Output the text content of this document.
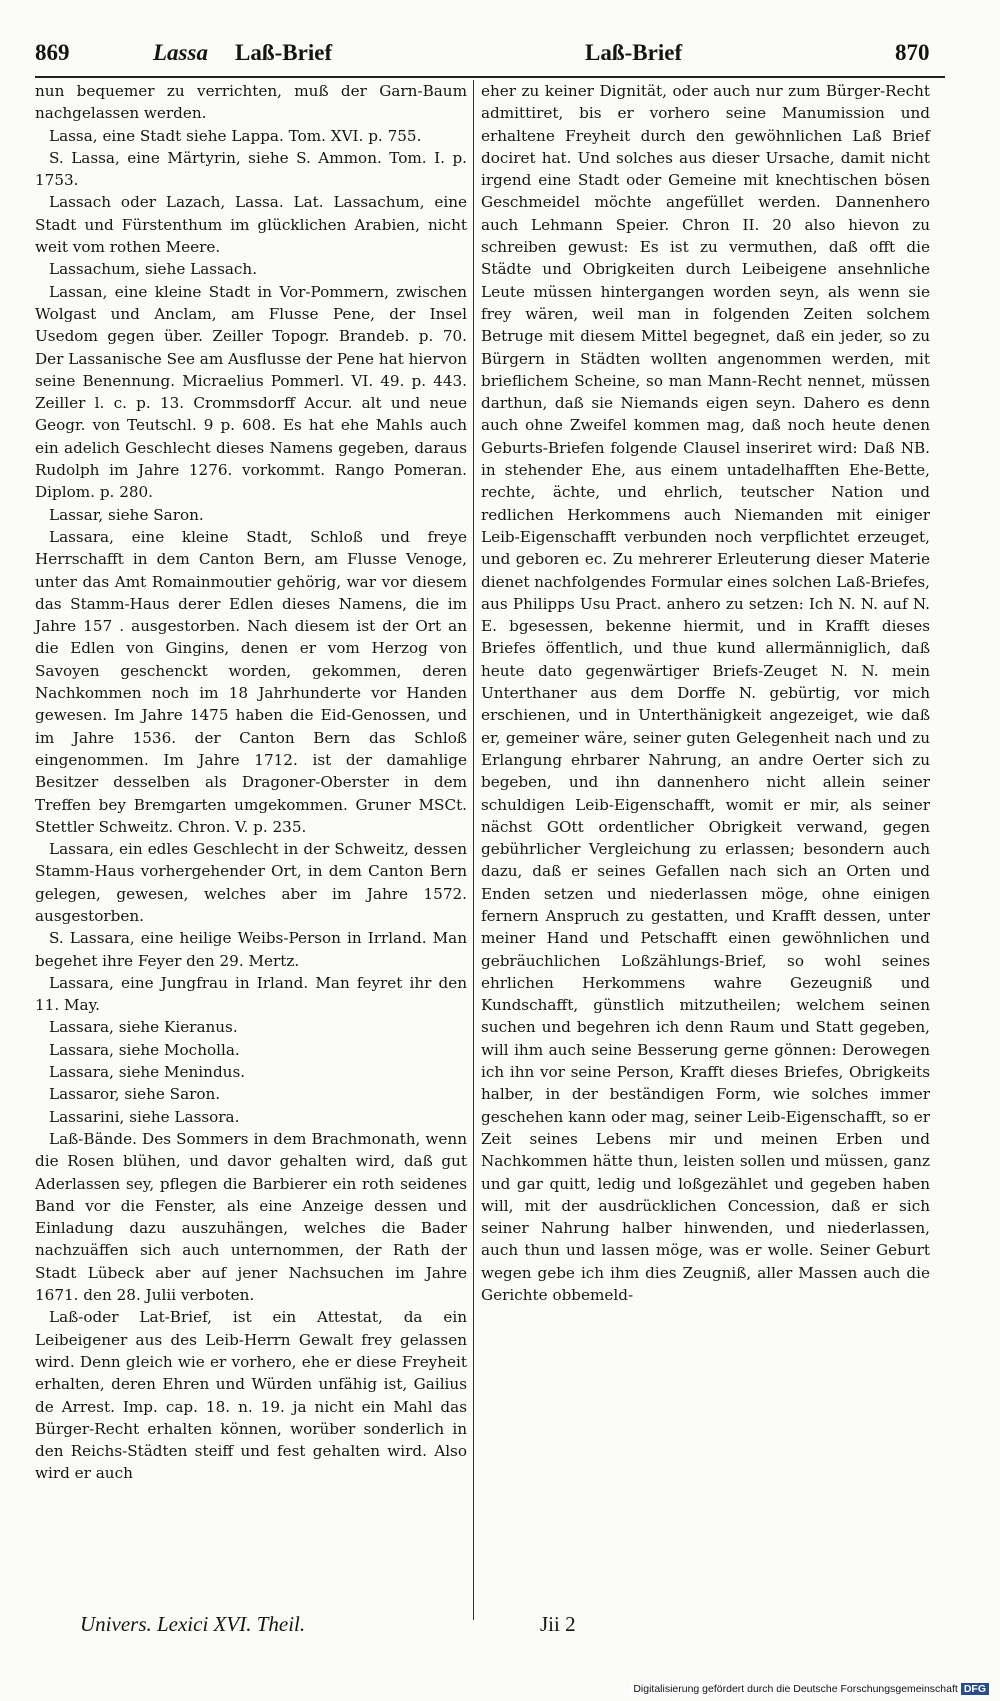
869	Lassa Laß-Brief	Laß-Brief	870

nun bequemer zu verrichten, muß der Garn-Baum nachgelassen werden.

Lassa, eine Stadt siehe Lappa. Tom. XVI. p. 755.

S. Lassa, eine Märtyrin, siehe S. Ammon. Tom. I. p. 1753.

Lassach oder Lazach, Lassa. Lat. Lassachum, eine Stadt und Fürstenthum im glücklichen Arabien, nicht weit vom rothen Meere.

Lassachum, siehe Lassach.

Lassan, eine kleine Stadt in Vor-Pommern, zwischen Wolgast und Anclam, am Flusse Pene, der Insel Usedom gegen über. Zeiller Topogr. Brandeb. p. 70. Der Lassanische See am Ausflusse der Pene hat hiervon seine Benennung. Micraelius Pommerl. VI. 49. p. 443. Zeiller l. c. p. 13. Crommsdorff Accur. alt und neue Geogr. von Teutschl. 9 p. 608. Es hat ehe Mahls auch ein adelich Geschlecht dieses Namens gegeben, daraus Rudolph im Jahre 1276. vorkommt. Rango Pomeran. Diplom. p. 280.

Lassar, siehe Saron.

Lassara, eine kleine Stadt, Schloß und freye Herrschafft in dem Canton Bern, am Flusse Venoge, unter das Amt Romainmoutier gehörig, war vor diesem das Stamm-Haus derer Edlen dieses Namens, die im Jahre 157 . ausgestorben. Nach diesem ist der Ort an die Edlen von Gingins, denen er vom Herzog von Savoyen geschenckt worden, gekommen, deren Nachkommen noch im 18 Jahrhunderte vor Handen gewesen. Im Jahre 1475 haben die Eid-Genossen, und im Jahre 1536. der Canton Bern das Schloß eingenommen. Im Jahre 1712. ist der damahlige Besitzer desselben als Dragoner-Oberster in dem Treffen bey Bremgarten umgekommen. Gruner MSCt. Stettler Schweitz. Chron. V. p. 235.

Lassara, ein edles Geschlecht in der Schweitz, dessen Stamm-Haus vorhergehender Ort, in dem Canton Bern gelegen, gewesen, welches aber im Jahre 1572. ausgestorben.

S. Lassara, eine heilige Weibs-Person in Irrland. Man begehet ihre Feyer den 29. Mertz.

Lassara, eine Jungfrau in Irland. Man feyret ihr den 11. May.

Lassara, siehe Kieranus.

Lassara, siehe Mocholla.

Lassara, siehe Menindus.

Lassaror, siehe Saron.

Lassarini, siehe Lassora.

Laß-Bände. Des Sommers in dem Brachmonath, wenn die Rosen blühen, und davor gehalten wird, daß gut Aderlassen sey, pflegen die Barbierer ein roth seidenes Band vor die Fenster, als eine Anzeige dessen und Einladung dazu auszuhängen, welches die Bader nachzuäffen sich auch unternommen, der Rath der Stadt Lübeck aber auf jener Nachsuchen im Jahre 1671. den 28. Julii verboten.

Laß-oder Lat-Brief, ist ein Attestat, da ein Leibeigener aus des Leib-Herrn Gewalt frey gelassen wird. Denn gleich wie er vorhero, ehe er diese Freyheit erhalten, deren Ehren und Würden unfähig ist, Gailius de Arrest. Imp. cap. 18. n. 19. ja nicht ein Mahl das Bürger-Recht erhalten können, worüber sonderlich in den Reichs-Städten steiff und fest gehalten wird. Also wird er auch

eher zu keiner Dignität, oder auch nur zum Bürger-Recht admittiret, bis er vorhero seine Manumission und erhaltene Freyheit durch den gewöhnlichen Laß Brief dociret hat. Und solches aus dieser Ursache, damit nicht irgend eine Stadt oder Gemeine mit knechtischen bösen Geschmeidel möchte angefüllet werden. Dannenhero auch Lehmann Speier. Chron II. 20 also hievon zu schreiben gewust: Es ist zu vermuthen, daß offt die Städte und Obrigkeiten durch Leibeigene ansehnliche Leute müssen hintergangen worden seyn, als wenn sie frey wären, weil man in folgenden Zeiten solchem Betruge mit diesem Mittel begegnet, daß ein jeder, so zu Bürgern in Städten wollten angenommen werden, mit brieflichem Scheine, so man Mann-Recht nennet, müssen darthun, daß sie Niemands eigen seyn. Dahero es denn auch ohne Zweifel kommen mag, daß noch heute denen Geburts-Briefen folgende Clausel inseriret wird: Daß NB. in stehender Ehe, aus einem untadelhafften Ehe-Bette, rechte, ächte, und ehrlich, teutscher Nation und redlichen Herkommens auch Niemanden mit einiger Leib-Eigenschafft verbunden noch verpflichtet erzeuget, und geboren ec. Zu mehrerer Erleuterung dieser Materie dienet nachfolgendes Formular eines solchen Laß-Briefes, aus Philipps Usu Pract. anhero zu setzen: Ich N. N. auf N. E. bgesessen, bekenne hiermit, und in Krafft dieses Briefes öffentlich, und thue kund allermänniglich, daß heute dato gegenwärtiger Briefs-Zeuget N. N. mein Unterthaner aus dem Dorffe N. gebürtig, vor mich erschienen, und in Unterthänigkeit angezeiget, wie daß er, gemeiner wäre, seiner guten Gelegenheit nach und zu Erlangung ehrbarer Nahrung, an andre Oerter sich zu begeben, und ihn dannenhero nicht allein seiner schuldigen Leib-Eigenschafft, womit er mir, als seiner nächst GOtt ordentlicher Obrigkeit verwand, gegen gebührlicher Vergleichung zu erlassen; besondern auch dazu, daß er seines Gefallen nach sich an Orten und Enden setzen und niederlassen möge, ohne einigen fernern Anspruch zu gestatten, und Krafft dessen, unter meiner Hand und Petschafft einen gewöhnlichen und gebräuchlichen Loßzählungs-Brief, so wohl seines ehrlichen Herkommens wahre Gezeugniß und Kundschafft, günstlich mitzutheilen; welchem seinen suchen und begehren ich denn Raum und Statt gegeben, will ihm auch seine Besserung gerne gönnen: Derowegen ich ihn vor seine Person, Krafft dieses Briefes, Obrigkeits halber, in der beständigen Form, wie solches immer geschehen kann oder mag, seiner Leib-Eigenschafft, so er Zeit seines Lebens mir und meinen Erben und Nachkommen hätte thun, leisten sollen und müssen, ganz und gar quitt, ledig und loßgezählet und gegeben haben will, mit der ausdrücklichen Concession, daß er sich seiner Nahrung halber hinwenden, und niederlassen, auch thun und lassen möge, was er wolle. Seiner Geburt wegen gebe ich ihm dies Zeugniß, aller Massen auch die Gerichte obbemeld-

Univers. Lexici XVI. Theil.	Jii 2
Digitalisierung gefördert durch die Deutsche Forschungsgemeinschaft DFG
